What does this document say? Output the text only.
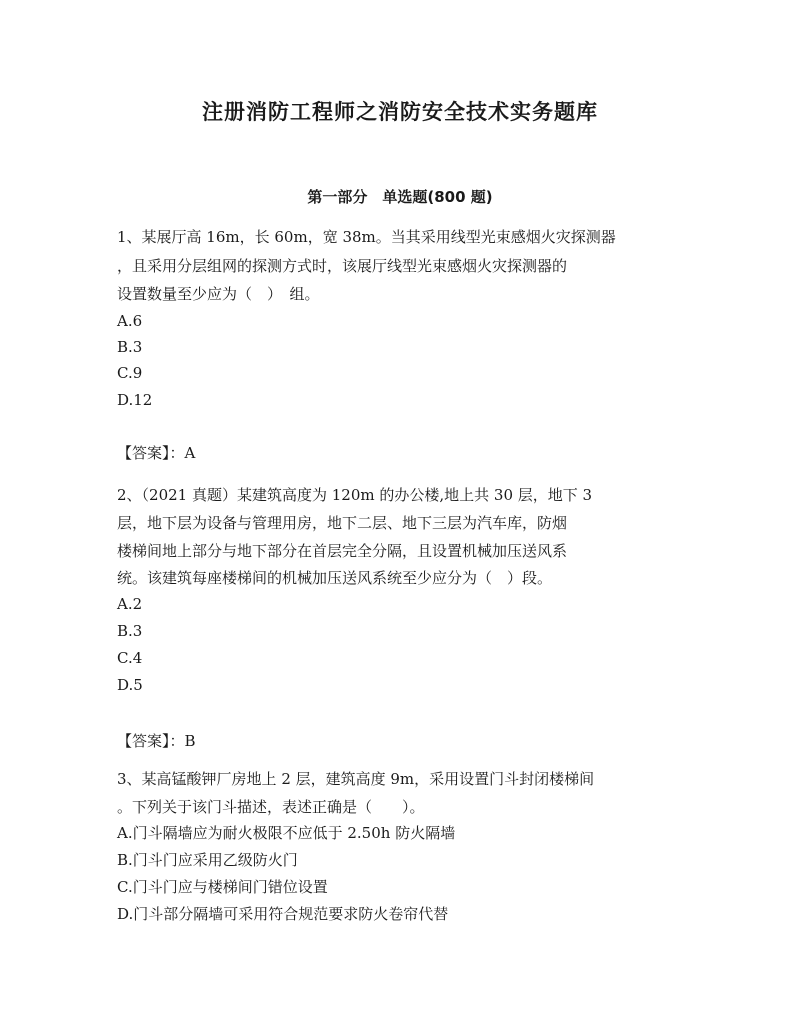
注册消防工程师之消防安全技术实务题库
第一部分　单选题(800 题)
1、某展厅高 16m，长 60m，宽 38m。当其采用线型光束感烟火灾探测器
，且采用分层组网的探测方式时，该展厅线型光束感烟火灾探测器的
设置数量至少应为（　）　组。
A.6
B.3
C.9
D.12
【答案】：A
2、（2021 真题）某建筑高度为 120m 的办公楼,地上共 30 层，地下 3
层，地下层为设备与管理用房，地下二层、地下三层为汽车库，防烟
楼梯间地上部分与地下部分在首层完全分隔，且设置机械加压送风系
统。该建筑每座楼梯间的机械加压送风系统至少应分为（　）段。
A.2
B.3
C.4
D.5
【答案】：B
3、某高锰酸钾厂房地上 2 层，建筑高度 9m，采用设置门斗封闭楼梯间
。下列关于该门斗描述，表述正确是（　　）。
A.门斗隔墙应为耐火极限不应低于 2.50h 防火隔墙
B.门斗门应采用乙级防火门
C.门斗门应与楼梯间门错位设置
D.门斗部分隔墙可采用符合规范要求防火卷帘代替
